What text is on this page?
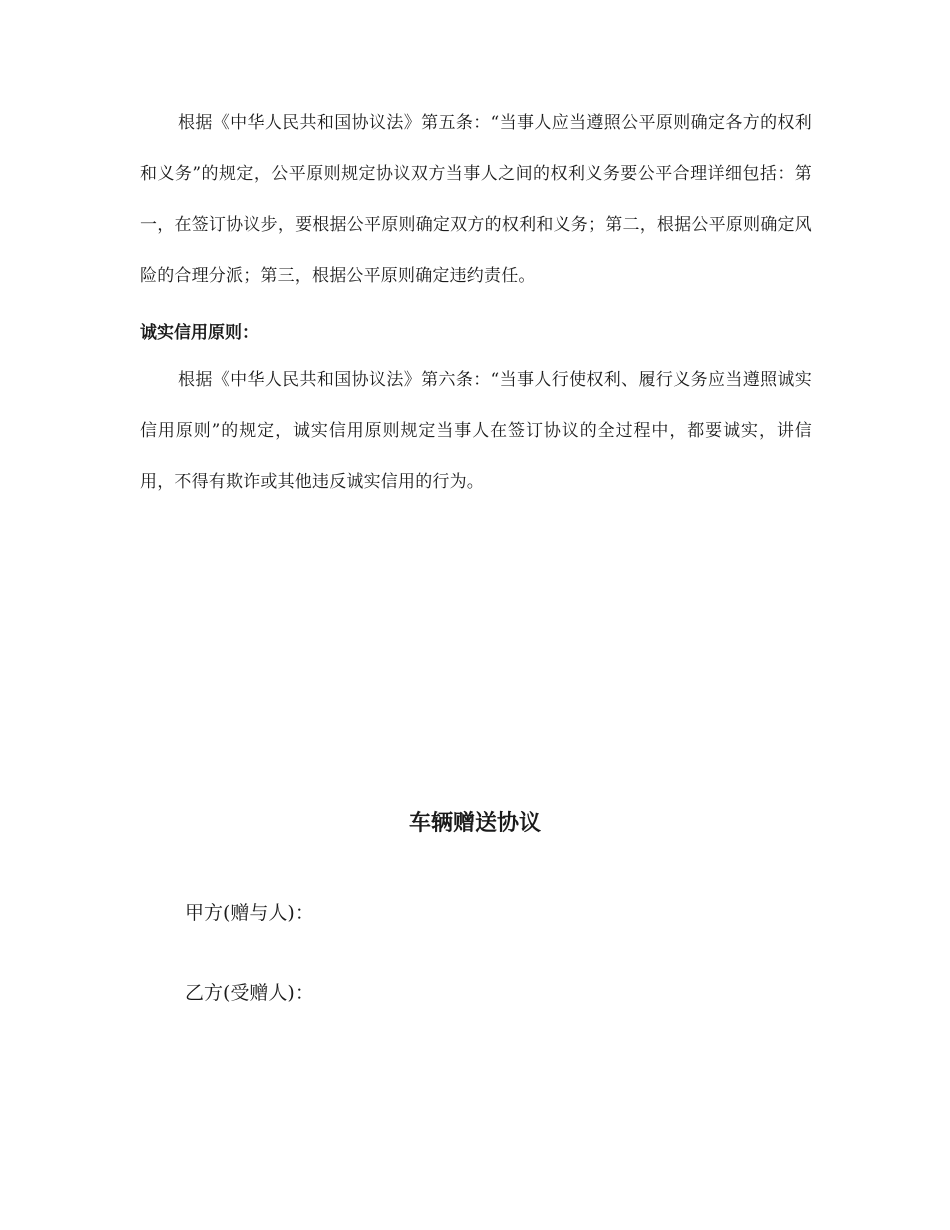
根据《中华人民共和国协议法》第五条：“当事人应当遵照公平原则确定各方的权利和义务”的规定，公平原则规定协议双方当事人之间的权利义务要公平合理详细包括：第一，在签订协议步，要根据公平原则确定双方的权利和义务；第二，根据公平原则确定风险的合理分派；第三，根据公平原则确定违约责任。

诚实信用原则：

根据《中华人民共和国协议法》第六条：“当事人行使权利、履行义务应当遵照诚实信用原则”的规定，诚实信用原则规定当事人在签订协议的全过程中，都要诚实，讲信用，不得有欺诈或其他违反诚实信用的行为。

车辆赠送协议

甲方(赠与人)：

乙方(受赠人)：
